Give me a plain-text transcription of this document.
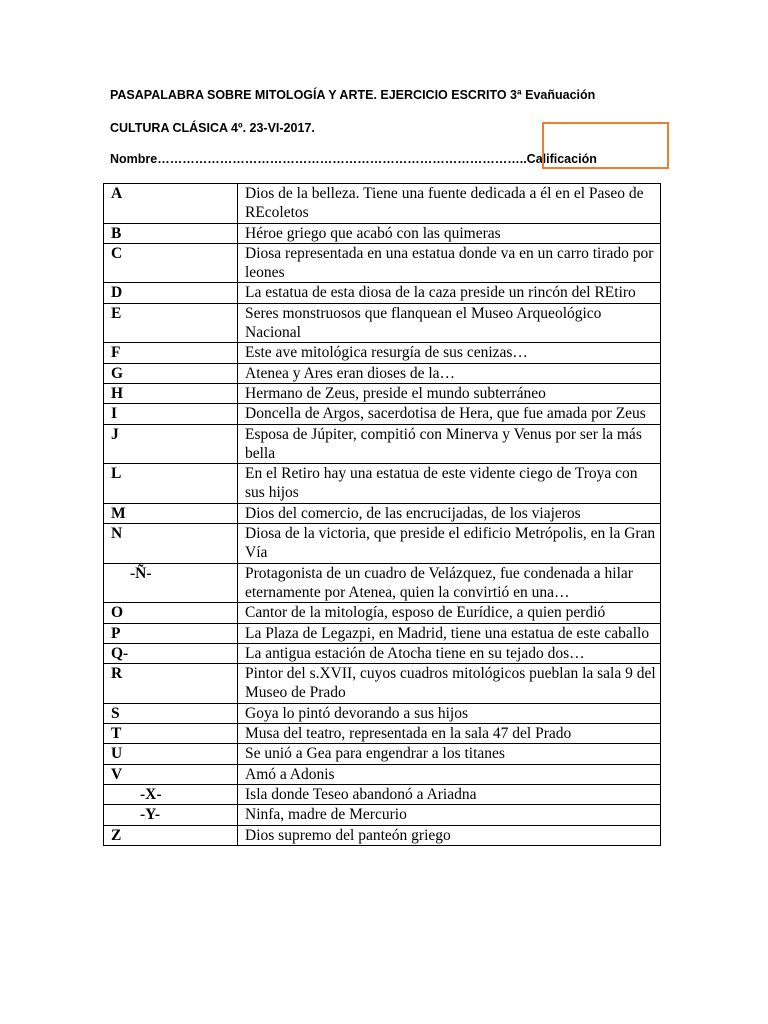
PASAPALABRA SOBRE MITOLOGÍA Y ARTE. EJERCICIO ESCRITO 3ª Evañuación
CULTURA CLÁSICA 4º. 23-VI-2017.
Nombre……………………………………………………………………………..Calificación
A	Dios de la belleza. Tiene una fuente dedicada a él en el Paseo de REcoletos
B	Héroe griego que acabó con las quimeras
C	Diosa representada en una estatua donde va en un carro tirado por leones
D	La estatua de esta diosa de la caza preside un rincón del REtiro
E	Seres monstruosos que flanquean el Museo Arqueológico Nacional
F	Este ave mitológica resurgía de sus cenizas…
G	Atenea y Ares eran dioses de la…
H	Hermano de Zeus, preside el mundo subterráneo
I	Doncella de Argos, sacerdotisa de Hera, que fue amada por Zeus
J	Esposa de Júpiter, compitió con Minerva y Venus por ser la más bella
L	En el Retiro hay una estatua de este vidente ciego de Troya con sus hijos
M	Dios del comercio, de las encrucijadas, de los viajeros
N	Diosa de la victoria, que preside el edificio Metrópolis, en la Gran Vía
-Ñ-	Protagonista de un cuadro de Velázquez, fue condenada a hilar eternamente por Atenea, quien la convirtió en una…
O	Cantor de la mitología, esposo de Eurídice, a quien perdió
P	La Plaza de Legazpi, en Madrid, tiene una estatua de este caballo
Q-	La antigua estación de Atocha tiene en su tejado dos…
R	Pintor del s.XVII, cuyos cuadros mitológicos pueblan la sala 9 del Museo de Prado
S	Goya lo pintó devorando a sus hijos
T	Musa del teatro, representada en la sala 47 del Prado
U	Se unió a Gea para engendrar a los titanes
V	Amó a Adonis
-X-	Isla donde Teseo abandonó a Ariadna
-Y-	Ninfa, madre de Mercurio
Z	Dios supremo del panteón griego
